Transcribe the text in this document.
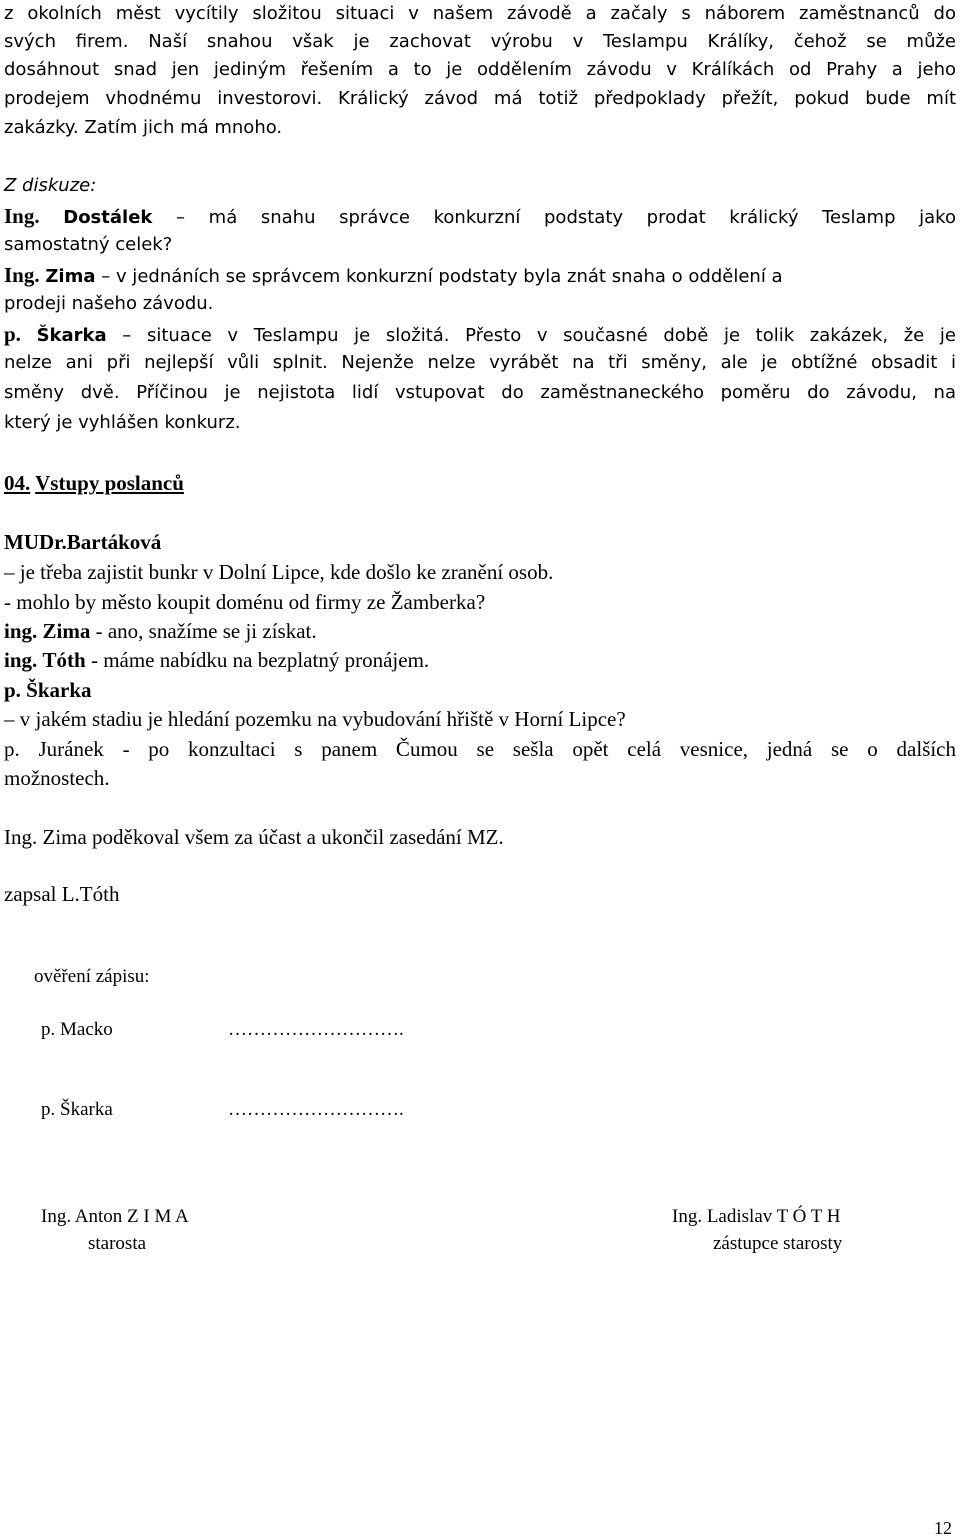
z okolních měst vycítily složitou situaci v našem závodě a začaly s náborem zaměstnanců do
svých firem. Naší snahou však je zachovat výrobu v Teslampu Králíky, čehož se může
dosáhnout snad jen jediným řešením a to je oddělením závodu v Králíkách od Prahy a jeho
prodejem vhodnému investorovi. Králický závod má totiž předpoklady přežít, pokud bude mít
zakázky. Zatím jich má mnoho.
Z diskuze:
Ing. Dostálek – má snahu správce konkurzní podstaty prodat králický Teslamp jako
samostatný celek?
Ing. Zima – v jednáních se správcem konkurzní podstaty byla znát snaha o oddělení a
prodeji našeho závodu.
p. Škarka – situace v Teslampu je složitá. Přesto v současné době je tolik zakázek, že je
nelze ani při nejlepší vůli splnit. Nejenže nelze vyrábět na tři směny, ale je obtížné obsadit i
směny dvě. Příčinou je nejistota lidí vstupovat do zaměstnaneckého poměru do závodu, na
který je vyhlášen konkurz.
04. Vstupy poslanců
MUDr.Bartáková
– je třeba zajistit bunkr v Dolní Lipce, kde došlo ke zranění osob.
- mohlo by město koupit doménu od firmy ze Žamberka?
ing. Zima - ano, snažíme se ji získat.
ing. Tóth - máme nabídku na bezplatný pronájem.
p. Škarka
– v jakém stadiu je hledání pozemku na vybudování hřiště v Horní Lipce?
p. Juránek - po konzultaci s panem Čumou se sešla opět celá vesnice, jedná se o dalších
možnostech.
Ing. Zima poděkoval všem za účast a ukončil zasedání MZ.
zapsal L.Tóth
ověření zápisu:
p. Macko	……………………….
p. Škarka	……………………….
Ing. Anton Z I M A
starosta
Ing. Ladislav T Ó T H
zástupce starosty
12
